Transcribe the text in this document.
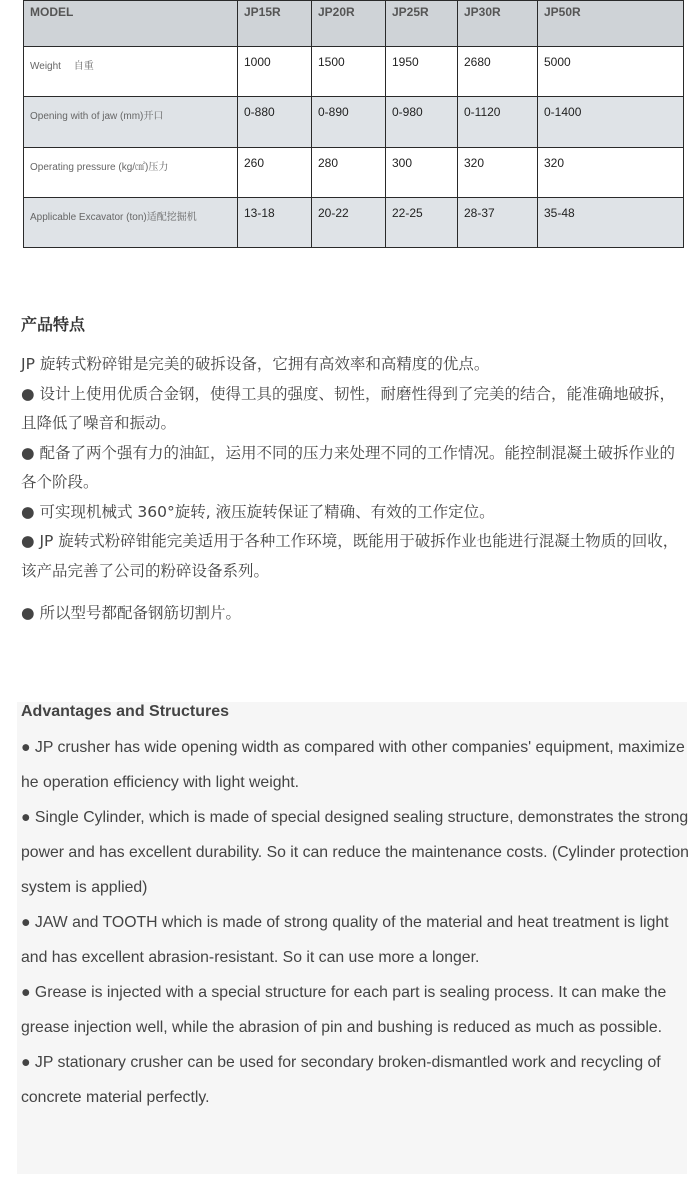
MODEL	JP15R	JP20R	JP25R	JP30R	JP50R
Weight 　自重	1000	1500	1950	2680	5000
Opening with of jaw (mm)开口	0-880	0-890	0-980	0-1120	0-1400
Operating pressure (kg/㎠)压力	260	280	300	320	320
Applicable Excavator (ton)适配挖掘机	13-18	20-22	22-25	28-37	35-48
产品特点

JP 旋转式粉碎钳是完美的破拆设备，它拥有高效率和高精度的优点。

● 设计上使用优质合金钢，使得工具的强度、韧性，耐磨性得到了完美的结合，能准确地破拆，且降低了噪音和振动。

● 配备了两个强有力的油缸，运用不同的压力来处理不同的工作情况。能控制混凝土破拆作业的各个阶段。

● 可实现机械式 360°旋转, 液压旋转保证了精确、有效的工作定位。

● JP 旋转式粉碎钳能完美适用于各种工作环境，既能用于破拆作业也能进行混凝土物质的回收，该产品完善了公司的粉碎设备系列。

● 所以型号都配备钢筋切割片。

Advantages and Structures

● JP crusher has wide opening width as compared with other companies' equipment, maximize he operation efficiency with light weight.

● Single Cylinder, which is made of special designed sealing structure, demonstrates the strong power and has excellent durability. So it can reduce the maintenance costs. (Cylinder protection system is applied)

● JAW and TOOTH which is made of strong quality of the material and heat treatment is light and has excellent abrasion-resistant. So it can use more a longer.

● Grease is injected with a special structure for each part is sealing process. It can make the grease injection well, while the abrasion of pin and bushing is reduced as much as possible.

● JP stationary crusher can be used for secondary broken-dismantled work and recycling of concrete material perfectly.
